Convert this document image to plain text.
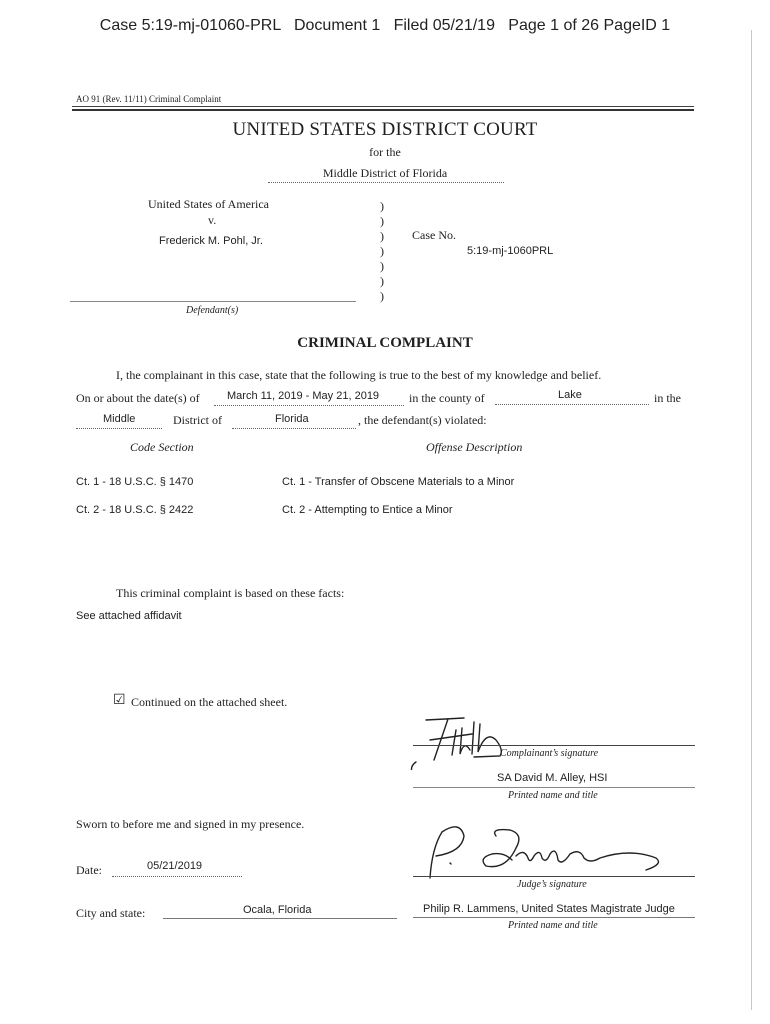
Case 5:19-mj-01060-PRL   Document 1   Filed 05/21/19   Page 1 of 26 PageID 1
AO 91 (Rev. 11/11) Criminal Complaint
UNITED STATES DISTRICT COURT
for the
Middle District of Florida
United States of America
v.
Frederick M. Pohl, Jr.
)
)
)
)
)
)
)
Case No.
5:19-mj-1060PRL
Defendant(s)
CRIMINAL COMPLAINT
I, the complainant in this case, state that the following is true to the best of my knowledge and belief.
On or about the date(s) of March 11, 2019 - May 21, 2019 in the county of	Lake	in the
Middle	District of	Florida	, the defendant(s) violated:
Code Section	Offense Description
Ct. 1 - 18 U.S.C. § 1470	Ct. 1 - Transfer of Obscene Materials to a Minor
Ct. 2 - 18 U.S.C. § 2422	Ct. 2 - Attempting to Entice a Minor
This criminal complaint is based on these facts:
See attached affidavit
☑ Continued on the attached sheet.
Complainant’s signature
SA David M. Alley, HSI
Printed name and title
Sworn to before me and signed in my presence.
Judge’s signature
Date:	05/21/2019
City and state:	Ocala, Florida	Philip R. Lammens, United States Magistrate Judge
Printed name and title
